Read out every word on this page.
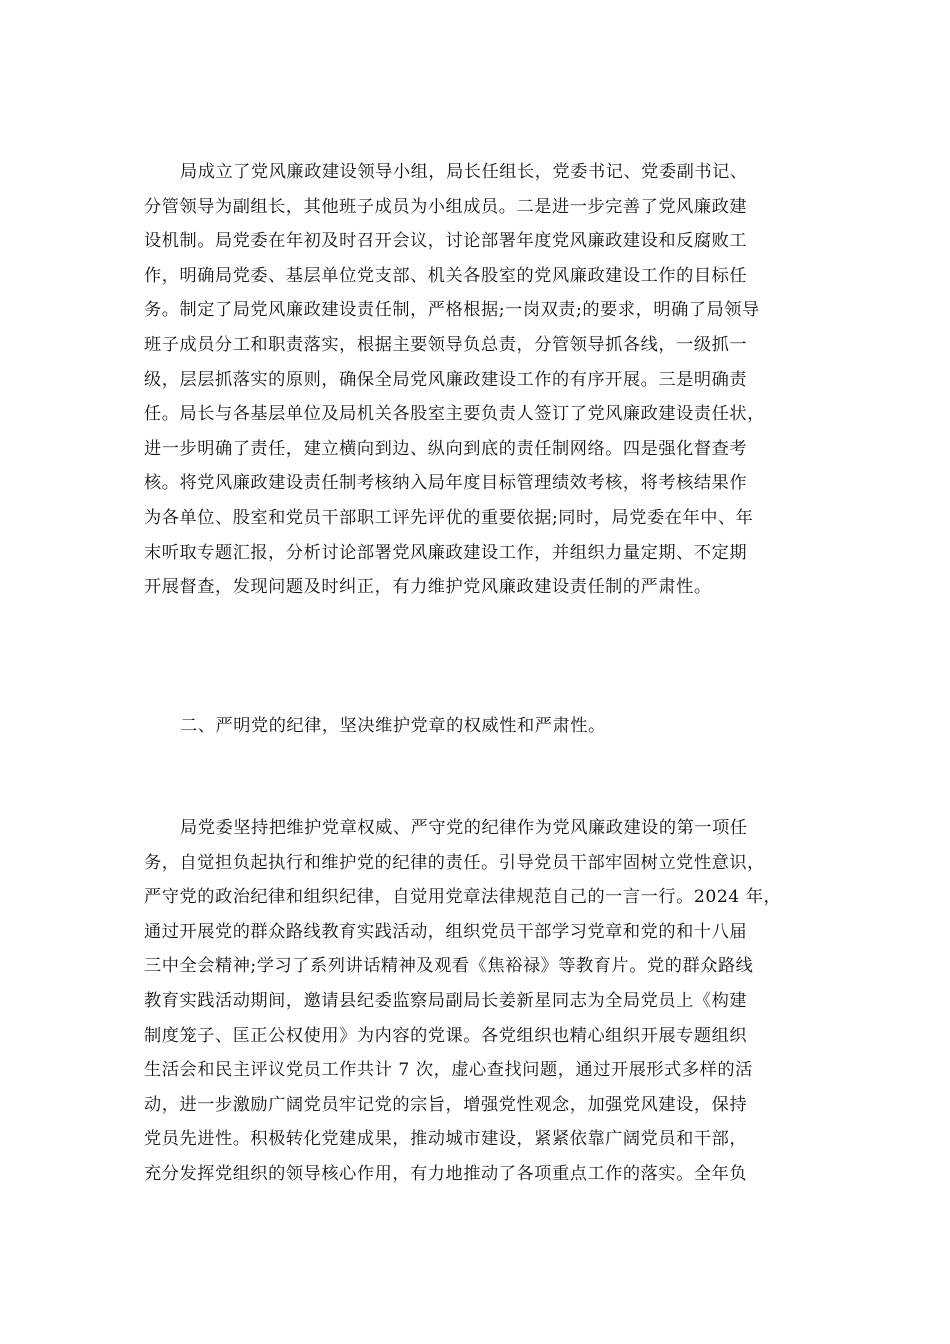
局成立了党风廉政建设领导小组，局长任组长，党委书记、党委副书记、
分管领导为副组长，其他班子成员为小组成员。二是进一步完善了党风廉政建
设机制。局党委在年初及时召开会议，讨论部署年度党风廉政建设和反腐败工
作，明确局党委、基层单位党支部、机关各股室的党风廉政建设工作的目标任
务。制定了局党风廉政建设责任制，严格根据;一岗双责;的要求，明确了局领导
班子成员分工和职责落实，根据主要领导负总责，分管领导抓各线，一级抓一
级，层层抓落实的原则，确保全局党风廉政建设工作的有序开展。三是明确责
任。局长与各基层单位及局机关各股室主要负责人签订了党风廉政建设责任状，
进一步明确了责任，建立横向到边、纵向到底的责任制网络。四是强化督查考
核。将党风廉政建设责任制考核纳入局年度目标管理绩效考核，将考核结果作
为各单位、股室和党员干部职工评先评优的重要依据;同时，局党委在年中、年
末听取专题汇报，分析讨论部署党风廉政建设工作，并组织力量定期、不定期
开展督查，发现问题及时纠正，有力维护党风廉政建设责任制的严肃性。
二、严明党的纪律，坚决维护党章的权威性和严肃性。
局党委坚持把维护党章权威、严守党的纪律作为党风廉政建设的第一项任
务，自觉担负起执行和维护党的纪律的责任。引导党员干部牢固树立党性意识，
严守党的政治纪律和组织纪律，自觉用党章法律规范自己的一言一行。2024 年，
通过开展党的群众路线教育实践活动，组织党员干部学习党章和党的和十八届
三中全会精神;学习了系列讲话精神及观看《焦裕禄》等教育片。党的群众路线
教育实践活动期间，邀请县纪委监察局副局长姜新星同志为全局党员上《构建
制度笼子、匡正公权使用》为内容的党课。各党组织也精心组织开展专题组织
生活会和民主评议党员工作共计 7 次，虚心查找问题，通过开展形式多样的活
动，进一步激励广阔党员牢记党的宗旨，增强党性观念，加强党风建设，保持
党员先进性。积极转化党建成果，推动城市建设，紧紧依靠广阔党员和干部，
充分发挥党组织的领导核心作用，有力地推动了各项重点工作的落实。全年负
